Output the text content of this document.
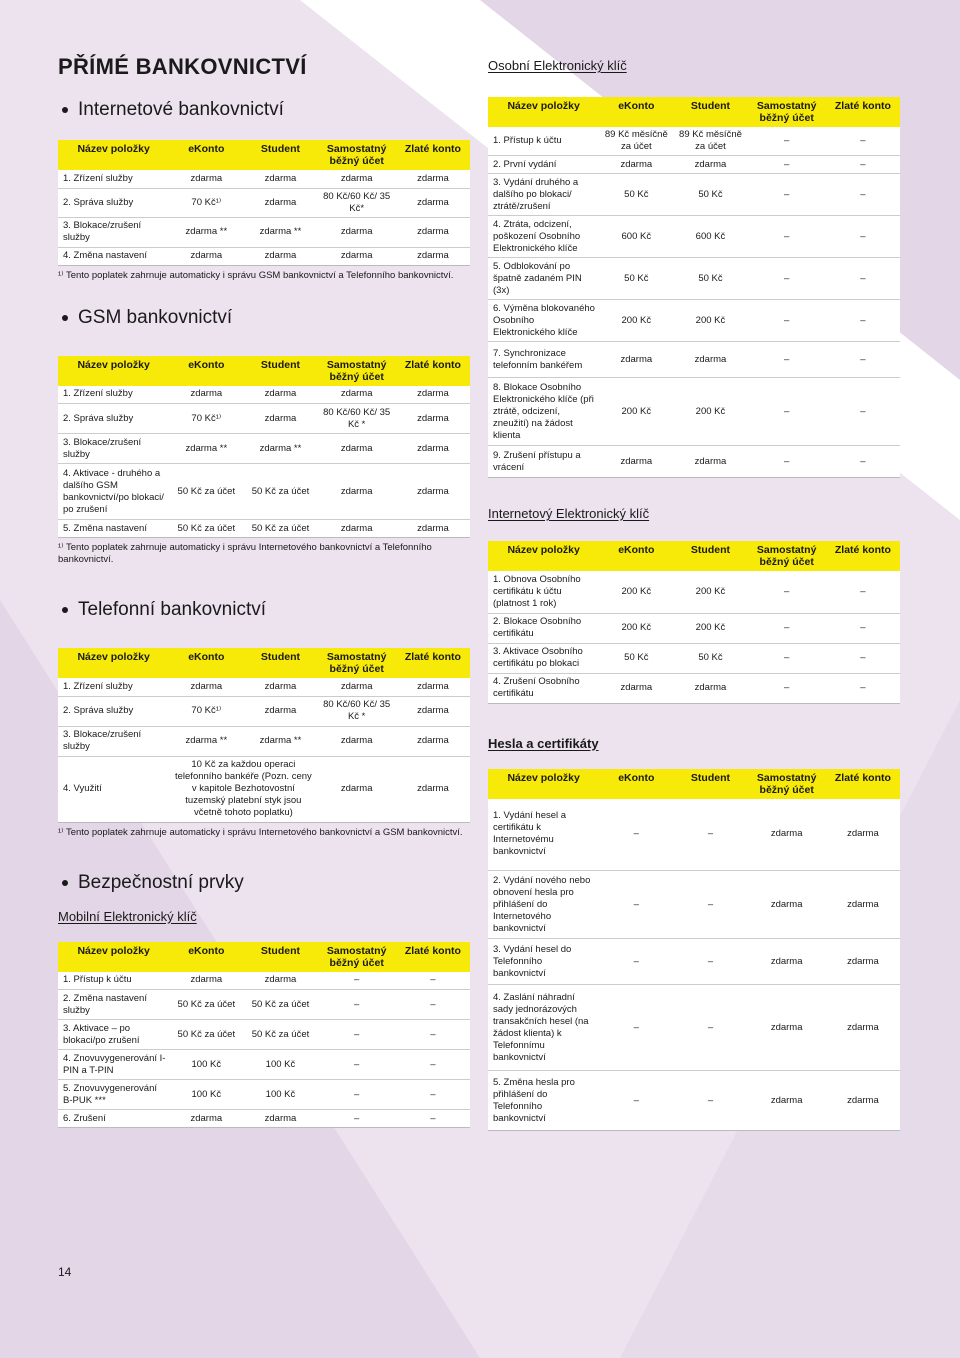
PŘÍMÉ BANKOVNICTVÍ
Internetové bankovnictví
Název položky	eKonto	Student	Samostatný běžný účet	Zlaté konto
1. Zřízení služby	zdarma	zdarma	zdarma	zdarma
2. Správa služby	70 Kč¹⁾	zdarma	80 Kč/60 Kč/ 35 Kč*	zdarma
3. Blokace/zrušení služby	zdarma **	zdarma **	zdarma	zdarma
4. Změna nastavení	zdarma	zdarma	zdarma	zdarma
¹⁾ Tento poplatek zahrnuje automaticky i správu GSM bankovnictví a Telefonního bankovnictví.
GSM bankovnictví
Název položky	eKonto	Student	Samostatný běžný účet	Zlaté konto
1. Zřízení služby	zdarma	zdarma	zdarma	zdarma
2. Správa služby	70 Kč¹⁾	zdarma	80 Kč/60 Kč/ 35 Kč *	zdarma
3. Blokace/zrušení služby	zdarma **	zdarma **	zdarma	zdarma
4. Aktivace - druhého a dalšího GSM bankovnictví/po blokaci/ po zrušení	50 Kč za účet	50 Kč za účet	zdarma	zdarma
5. Změna nastavení	50 Kč za účet	50 Kč za účet	zdarma	zdarma
¹⁾ Tento poplatek zahrnuje automaticky i správu Internetového bankovnictví a Telefonního bankovnictví.
Telefonní bankovnictví
Název položky	eKonto	Student	Samostatný běžný účet	Zlaté konto
1. Zřízení služby	zdarma	zdarma	zdarma	zdarma
2. Správa služby	70 Kč¹⁾	zdarma	80 Kč/60 Kč/ 35 Kč *	zdarma
3. Blokace/zrušení služby	zdarma **	zdarma **	zdarma	zdarma
4. Využití	10 Kč za každou operaci telefonního bankéře (Pozn. ceny v kapitole Bezhotovostní tuzemský platební styk jsou včetně tohoto poplatku)		zdarma	zdarma
¹⁾ Tento poplatek zahrnuje automaticky i správu Internetového bankovnictví a GSM bankovnictví.
Bezpečnostní prvky
Mobilní Elektronický klíč
Název položky	eKonto	Student	Samostatný běžný účet	Zlaté konto
1. Přístup k účtu	zdarma	zdarma	–	–
2. Změna nastavení služby	50 Kč za účet	50 Kč za účet	–	–
3. Aktivace – po blokaci/po zrušení	50 Kč za účet	50 Kč za účet	–	–
4. Znovuvygenerování I-PIN a T-PIN	100 Kč	100 Kč	–	–
5. Znovuvygenerování B-PUK ***	100 Kč	100 Kč	–	–
6. Zrušení	zdarma	zdarma	–	–
Osobní Elektronický klíč
Název položky	eKonto	Student	Samostatný běžný účet	Zlaté konto
1. Přístup k účtu	89 Kč měsíčně za účet	89 Kč měsíčně za účet	–	–
2. První vydání	zdarma	zdarma	–	–
3. Vydání druhého a dalšího po blokaci/ ztrátě/zrušení	50 Kč	50 Kč	–	–
4. Ztráta, odcizení, poškození Osobního Elektronického klíče	600 Kč	600 Kč	–	–
5. Odblokování po špatně zadaném PIN (3x)	50 Kč	50 Kč	–	–
6. Výměna blokovaného Osobního Elektronického klíče	200 Kč	200 Kč	–	–
7. Synchronizace telefonním bankéřem	zdarma	zdarma	–	–
8. Blokace Osobního Elektronického klíče (při ztrátě, odcizení, zneužití) na žádost klienta	200 Kč	200 Kč	–	–
9. Zrušení přístupu a vrácení	zdarma	zdarma	–	–
Internetový Elektronický klíč
Název položky	eKonto	Student	Samostatný běžný účet	Zlaté konto
1. Obnova Osobního certifikátu k účtu (platnost 1 rok)	200 Kč	200 Kč	–	–
2. Blokace Osobního certifikátu	200 Kč	200 Kč	–	–
3. Aktivace Osobního certifikátu po blokaci	50 Kč	50 Kč	–	–
4. Zrušení Osobního certifikátu	zdarma	zdarma	–	–
Hesla a certifikáty
Název položky	eKonto	Student	Samostatný běžný účet	Zlaté konto
1. Vydání hesel a certifikátu k Internetovému bankovnictví	–	–	zdarma	zdarma
2. Vydání nového nebo obnovení hesla pro přihlášení do Internetového bankovnictví	–	–	zdarma	zdarma
3. Vydání hesel do Telefonního bankovnictví	–	–	zdarma	zdarma
4. Zaslání náhradní sady jednorázových transakčních hesel (na žádost klienta) k Telefonnímu bankovnictví	–	–	zdarma	zdarma
5. Změna hesla pro přihlášení do Telefonního bankovnictví	–	–	zdarma	zdarma
14
